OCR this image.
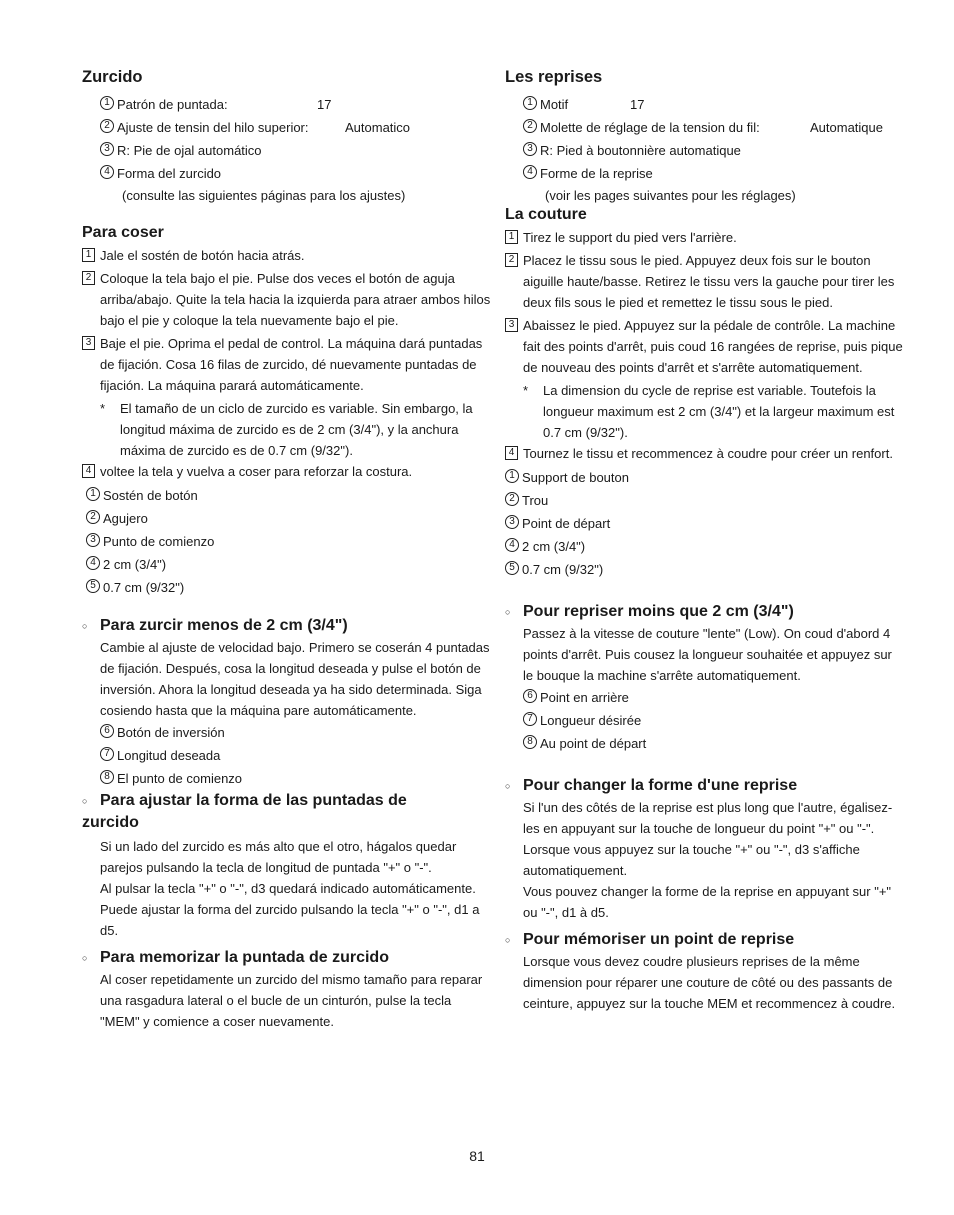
Zurcido
1 Patrón de puntada:	17
2 Ajuste de tensin del hilo superior:	Automatico
3 R: Pie de ojal automático
4 Forma del zurcido
(consulte las siguientes páginas para los ajustes)
Para coser
1 Jale el sostén de botón hacia atrás.
2 Coloque la tela bajo el pie. Pulse dos veces el botón de aguja arriba/abajo. Quite la tela hacia la izquierda para atraer ambos hilos bajo el pie y coloque la tela nuevamente bajo el pie.
3 Baje el pie. Oprima el pedal de control. La máquina dará puntadas de fijación. Cosa 16 filas de zurcido, dé nuevamente puntadas de fijación. La máquina parará automáticamente.
*	El tamaño de un ciclo de zurcido es variable. Sin embargo, la longitud máxima de zurcido es de 2 cm (3/4"), y la anchura máxima de zurcido es de 0.7 cm (9/32").
4 voltee la tela y vuelva a coser para reforzar la costura.
1 Sostén de botón
2 Agujero
3 Punto de comienzo
4 2 cm (3/4")
5 0.7 cm (9/32")
○ Para zurcir menos de 2 cm (3/4")
Cambie al ajuste de velocidad bajo. Primero se coserán 4 puntadas de fijación. Después, cosa la longitud deseada y pulse el botón de inversión. Ahora la longitud deseada ya ha sido determinada. Siga cosiendo hasta que la máquina pare automáticamente.
6 Botón de inversión
7 Longitud deseada
8 El punto de comienzo
○ Para ajustar la forma de las puntadas de
zurcido
Si un lado del zurcido es más alto que el otro, hágalos quedar parejos pulsando la tecla de longitud de puntada "+" o "-".
Al pulsar la tecla "+" o "-", d3 quedará indicado automáticamente. Puede ajustar la forma del zurcido pulsando la tecla "+" o "-", d1 a d5.
○ Para memorizar la puntada de zurcido
Al coser repetidamente un zurcido del mismo tamaño para reparar una rasgadura lateral o el bucle de un cinturón, pulse la tecla "MEM" y comience a coser nuevamente.
Les reprises
1 Motif	17
2 Molette de réglage de la tension du fil:	Automatique
3 R: Pied à boutonnière automatique
4 Forme de la reprise
(voir les pages suivantes pour les réglages)
La couture
1 Tirez le support du pied vers l'arrière.
2 Placez le tissu sous le pied. Appuyez deux fois sur le bouton aiguille haute/basse. Retirez le tissu vers la gauche pour tirer les deux fils sous le pied et remettez le tissu sous le pied.
3 Abaissez le pied. Appuyez sur la pédale de contrôle. La machine fait des points d'arrêt, puis coud 16 rangées de reprise, puis pique de nouveau des points d'arrêt et s'arrête automatiquement.
*	La dimension du cycle de reprise est variable. Toutefois la longueur maximum est 2 cm (3/4") et la largeur maximum est 0.7 cm (9/32").
4 Tournez le tissu et recommencez à coudre pour créer un renfort.
1 Support de bouton
2 Trou
3 Point de départ
4 2 cm (3/4")
5 0.7 cm (9/32")
○ Pour repriser moins que 2 cm (3/4")
Passez à la vitesse de couture "lente" (Low). On coud d'abord 4 points d'arrêt. Puis cousez la longueur souhaitée et appuyez sur le bouque la machine s'arrête automatiquement.
6 Point en arrière
7 Longueur désirée
8 Au point de départ
○ Pour changer la forme d'une reprise
Si l'un des côtés de la reprise est plus long que l'autre, égalisez-les en appuyant sur la touche de longueur du point "+" ou "-".
Lorsque vous appuyez sur la touche "+" ou "-", d3 s'affiche automatiquement.
Vous pouvez changer la forme de la reprise en appuyant sur "+" ou "-", d1 à d5.
○ Pour mémoriser un point de reprise
Lorsque vous devez coudre plusieurs reprises de la même dimension pour réparer une couture de côté ou des passants de ceinture, appuyez sur la touche MEM et recommencez à coudre.
81
